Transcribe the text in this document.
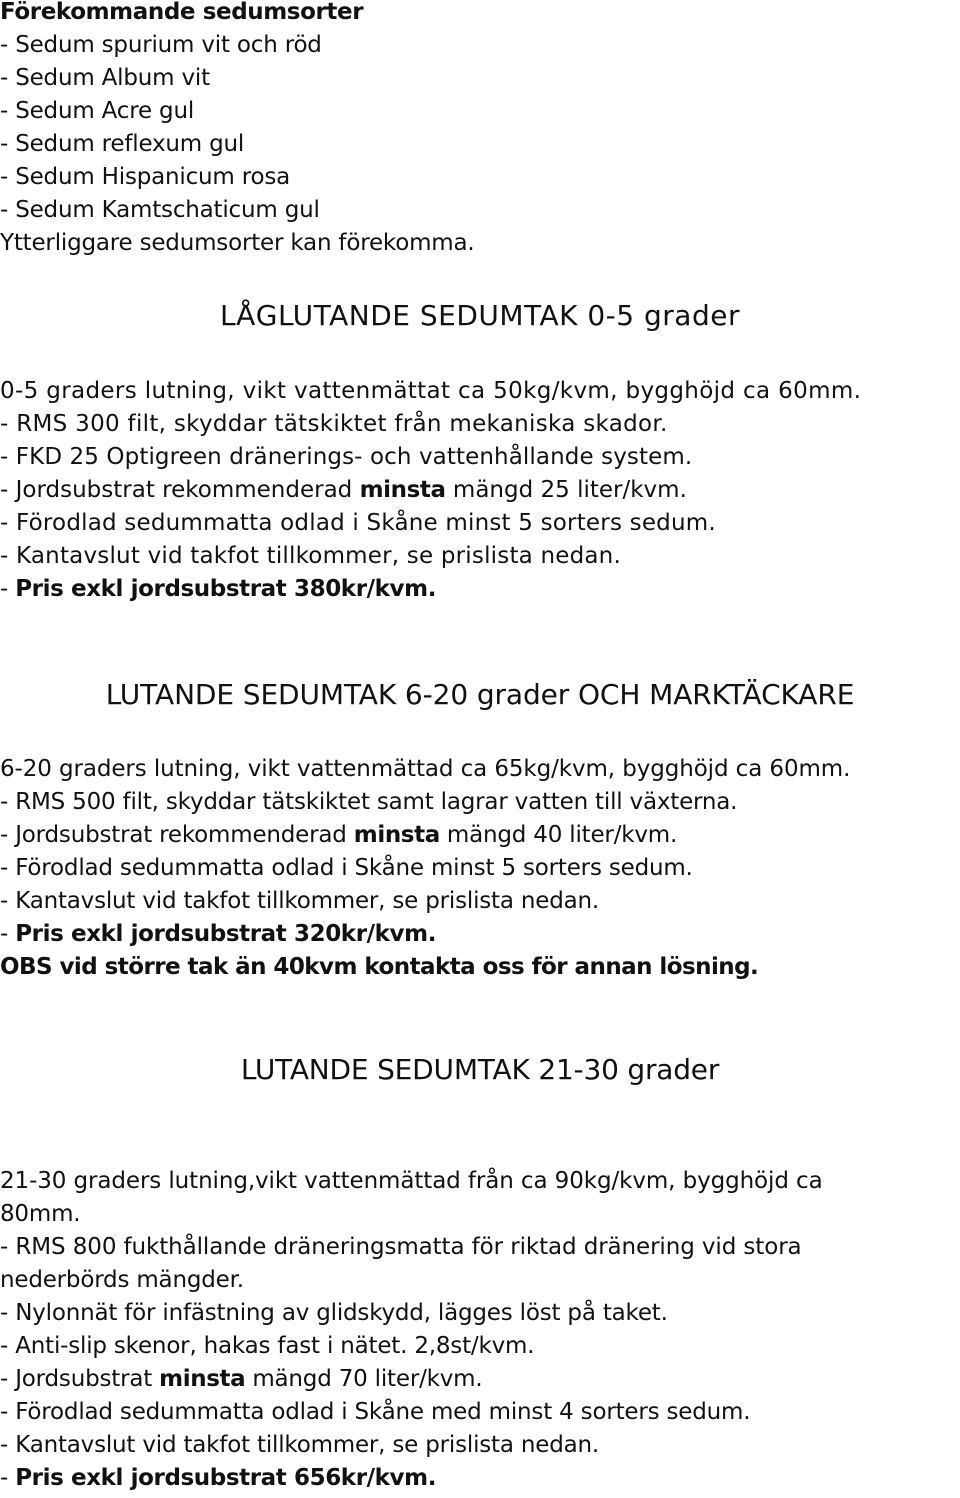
Förekommande sedumsorter
- Sedum spurium vit och röd
- Sedum Album vit
- Sedum Acre gul
- Sedum reflexum gul
- Sedum Hispanicum rosa
- Sedum Kamtschaticum gul
Ytterliggare sedumsorter kan förekomma.
LÅGLUTANDE SEDUMTAK 0-5 grader
0-5 graders lutning, vikt vattenmättat ca 50kg/kvm, bygghöjd ca 60mm.
- RMS 300 filt, skyddar tätskiktet från mekaniska skador.
- FKD 25 Optigreen dränerings- och vattenhållande system.
- Jordsubstrat rekommenderad minsta mängd 25 liter/kvm.
- Förodlad sedummatta odlad i Skåne minst 5 sorters sedum.
- Kantavslut vid takfot tillkommer, se prislista nedan.
- Pris exkl jordsubstrat 380kr/kvm.
LUTANDE SEDUMTAK 6-20 grader OCH MARKTÄCKARE
6-20 graders lutning, vikt vattenmättad ca 65kg/kvm, bygghöjd ca 60mm.
- RMS 500 filt, skyddar tätskiktet samt lagrar vatten till växterna.
- Jordsubstrat rekommenderad minsta mängd 40 liter/kvm.
- Förodlad sedummatta odlad i Skåne minst 5 sorters sedum.
- Kantavslut vid takfot tillkommer, se prislista nedan.
- Pris exkl jordsubstrat 320kr/kvm.
OBS vid större tak än 40kvm kontakta oss för annan lösning.
LUTANDE SEDUMTAK 21-30 grader
21-30 graders lutning,vikt vattenmättad från ca 90kg/kvm, bygghöjd ca
80mm.
- RMS 800 fukthållande dräneringsmatta för riktad dränering vid stora
nederbörds mängder.
- Nylonnät för infästning av glidskydd, lägges löst på taket.
- Anti-slip skenor, hakas fast i nätet. 2,8st/kvm.
- Jordsubstrat minsta mängd 70 liter/kvm.
- Förodlad sedummatta odlad i Skåne med minst 4 sorters sedum.
- Kantavslut vid takfot tillkommer, se prislista nedan.
- Pris exkl jordsubstrat 656kr/kvm.
